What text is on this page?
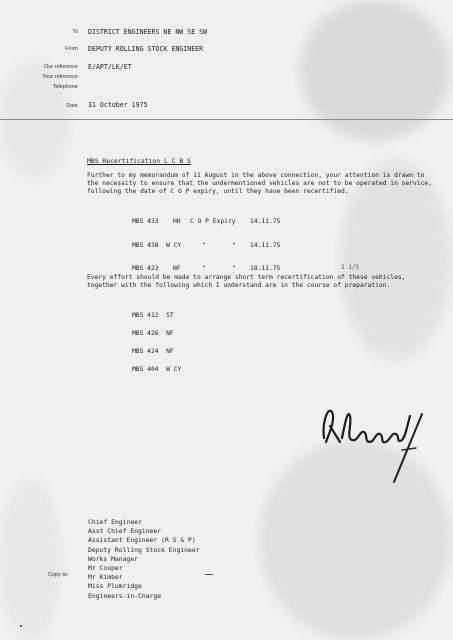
To DISTRICT ENGINEERS NE NW SE SW
From DEPUTY ROLLING STOCK ENGINEER
Our reference E/APT/LK/ET
Your reference
Telephone
Date 31 October 1975
MBS Recertification L C B S

Further to my memorandum of 11 August in the above connection, your attention is drawn to the necessity to ensure that the undermentioned vehicles are not to be operated in service, following the date of C O P expiry, until they have been recertified.

MBS 433 HH C O P Expiry 14.11.75
MBS 438 W CY	"	" 14.11.75
MBS 423 NF	"	" 18.11.75	2 1/5

Every effort should be made to arrange short term recertification of these vehicles, together with the following which I understand are in the course of preparation.

MBS 412 ST
MBS 426 NF
MBS 424 NF
MBS 404 W CY
Copy to:
Chief Engineer
Asst Chief Engineer
Assistant Engineer (R S & P)
Deputy Rolling Stock Engineer
Works Manager
Mr Couper
Mr Kimber
Miss Plumridge
Engineers-in-Charge
